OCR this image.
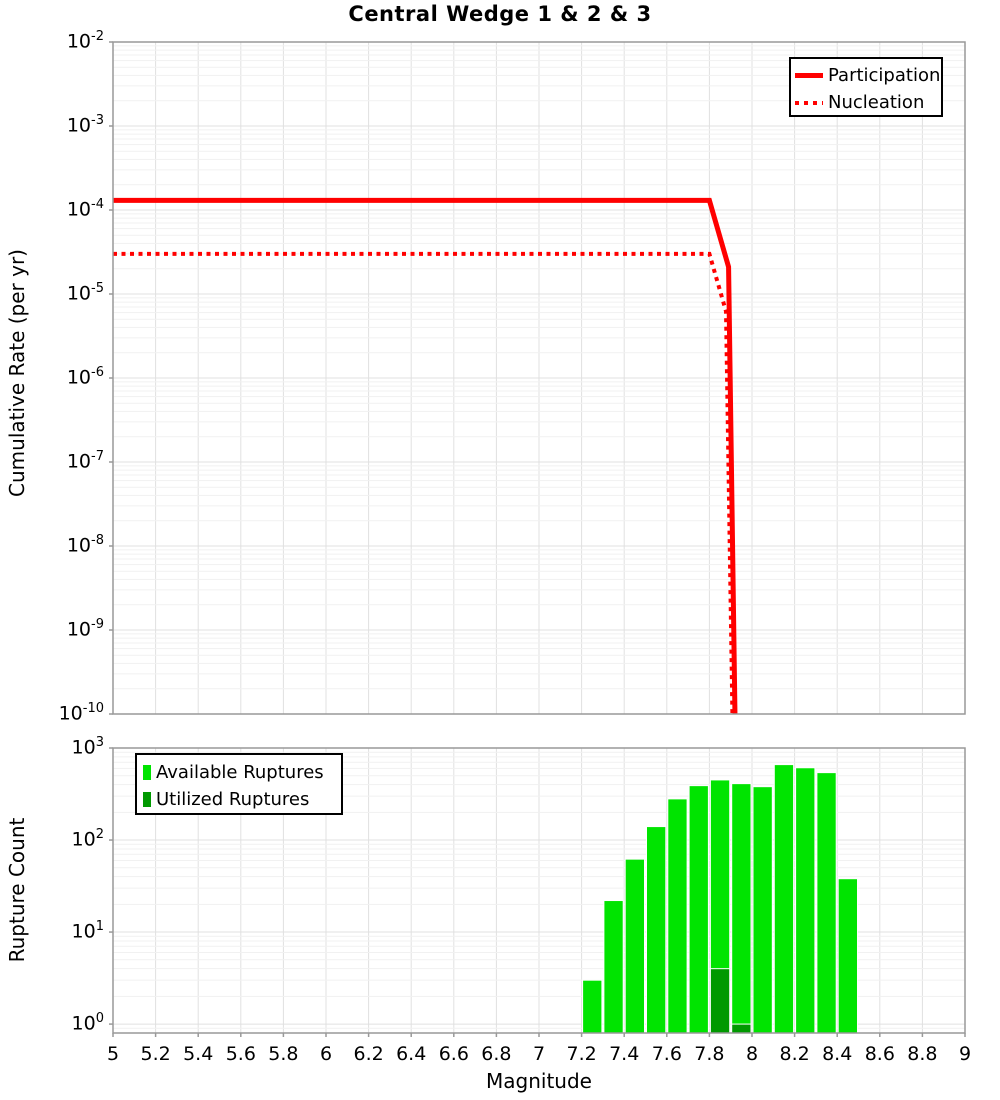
Central Wedge 1 & 2 & 3
Cumulative Rate (per yr)
Rupture Count
Magnitude
$10^{-2}$
$10^{-3}$
$10^{-4}$
$10^{-5}$
$10^{-6}$
$10^{-7}$
$10^{-8}$
$10^{-9}$
$10^{-10}$
$10^3$
$10^2$
$10^1$
$10^0$
5 5.2 5.4 5.6 5.8 6 6.2 6.4 6.6 6.8 7 7.2 7.4 7.6 7.8 8 8.2 8.4 8.6 8.8 9
Participation
Nucleation
Available Ruptures
Utilized Ruptures
